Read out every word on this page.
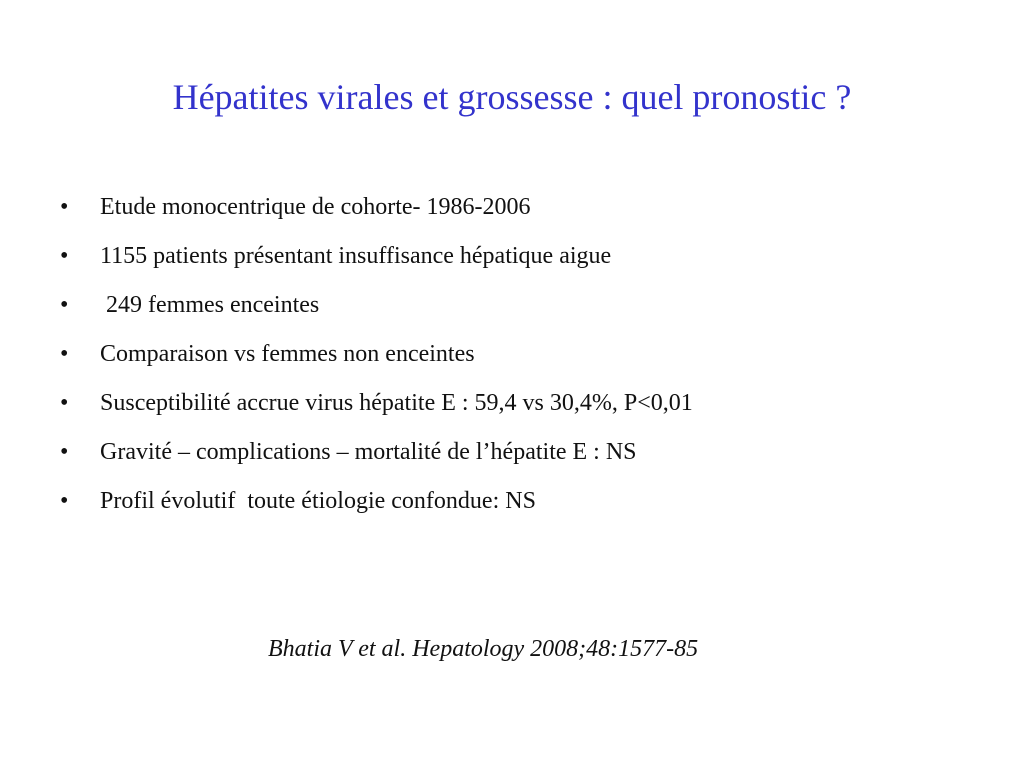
Hépatites virales et grossesse : quel pronostic ?
•	Etude monocentrique de cohorte- 1986-2006
•	1155 patients présentant insuffisance hépatique aigue
•	249 femmes enceintes
•	Comparaison vs femmes non enceintes
•	Susceptibilité accrue virus hépatite E : 59,4 vs 30,4%, P<0,01
•	Gravité – complications – mortalité de l’hépatite E : NS
•	Profil évolutif  toute étiologie confondue: NS

Bhatia V et al. Hepatology 2008;48:1577-85
